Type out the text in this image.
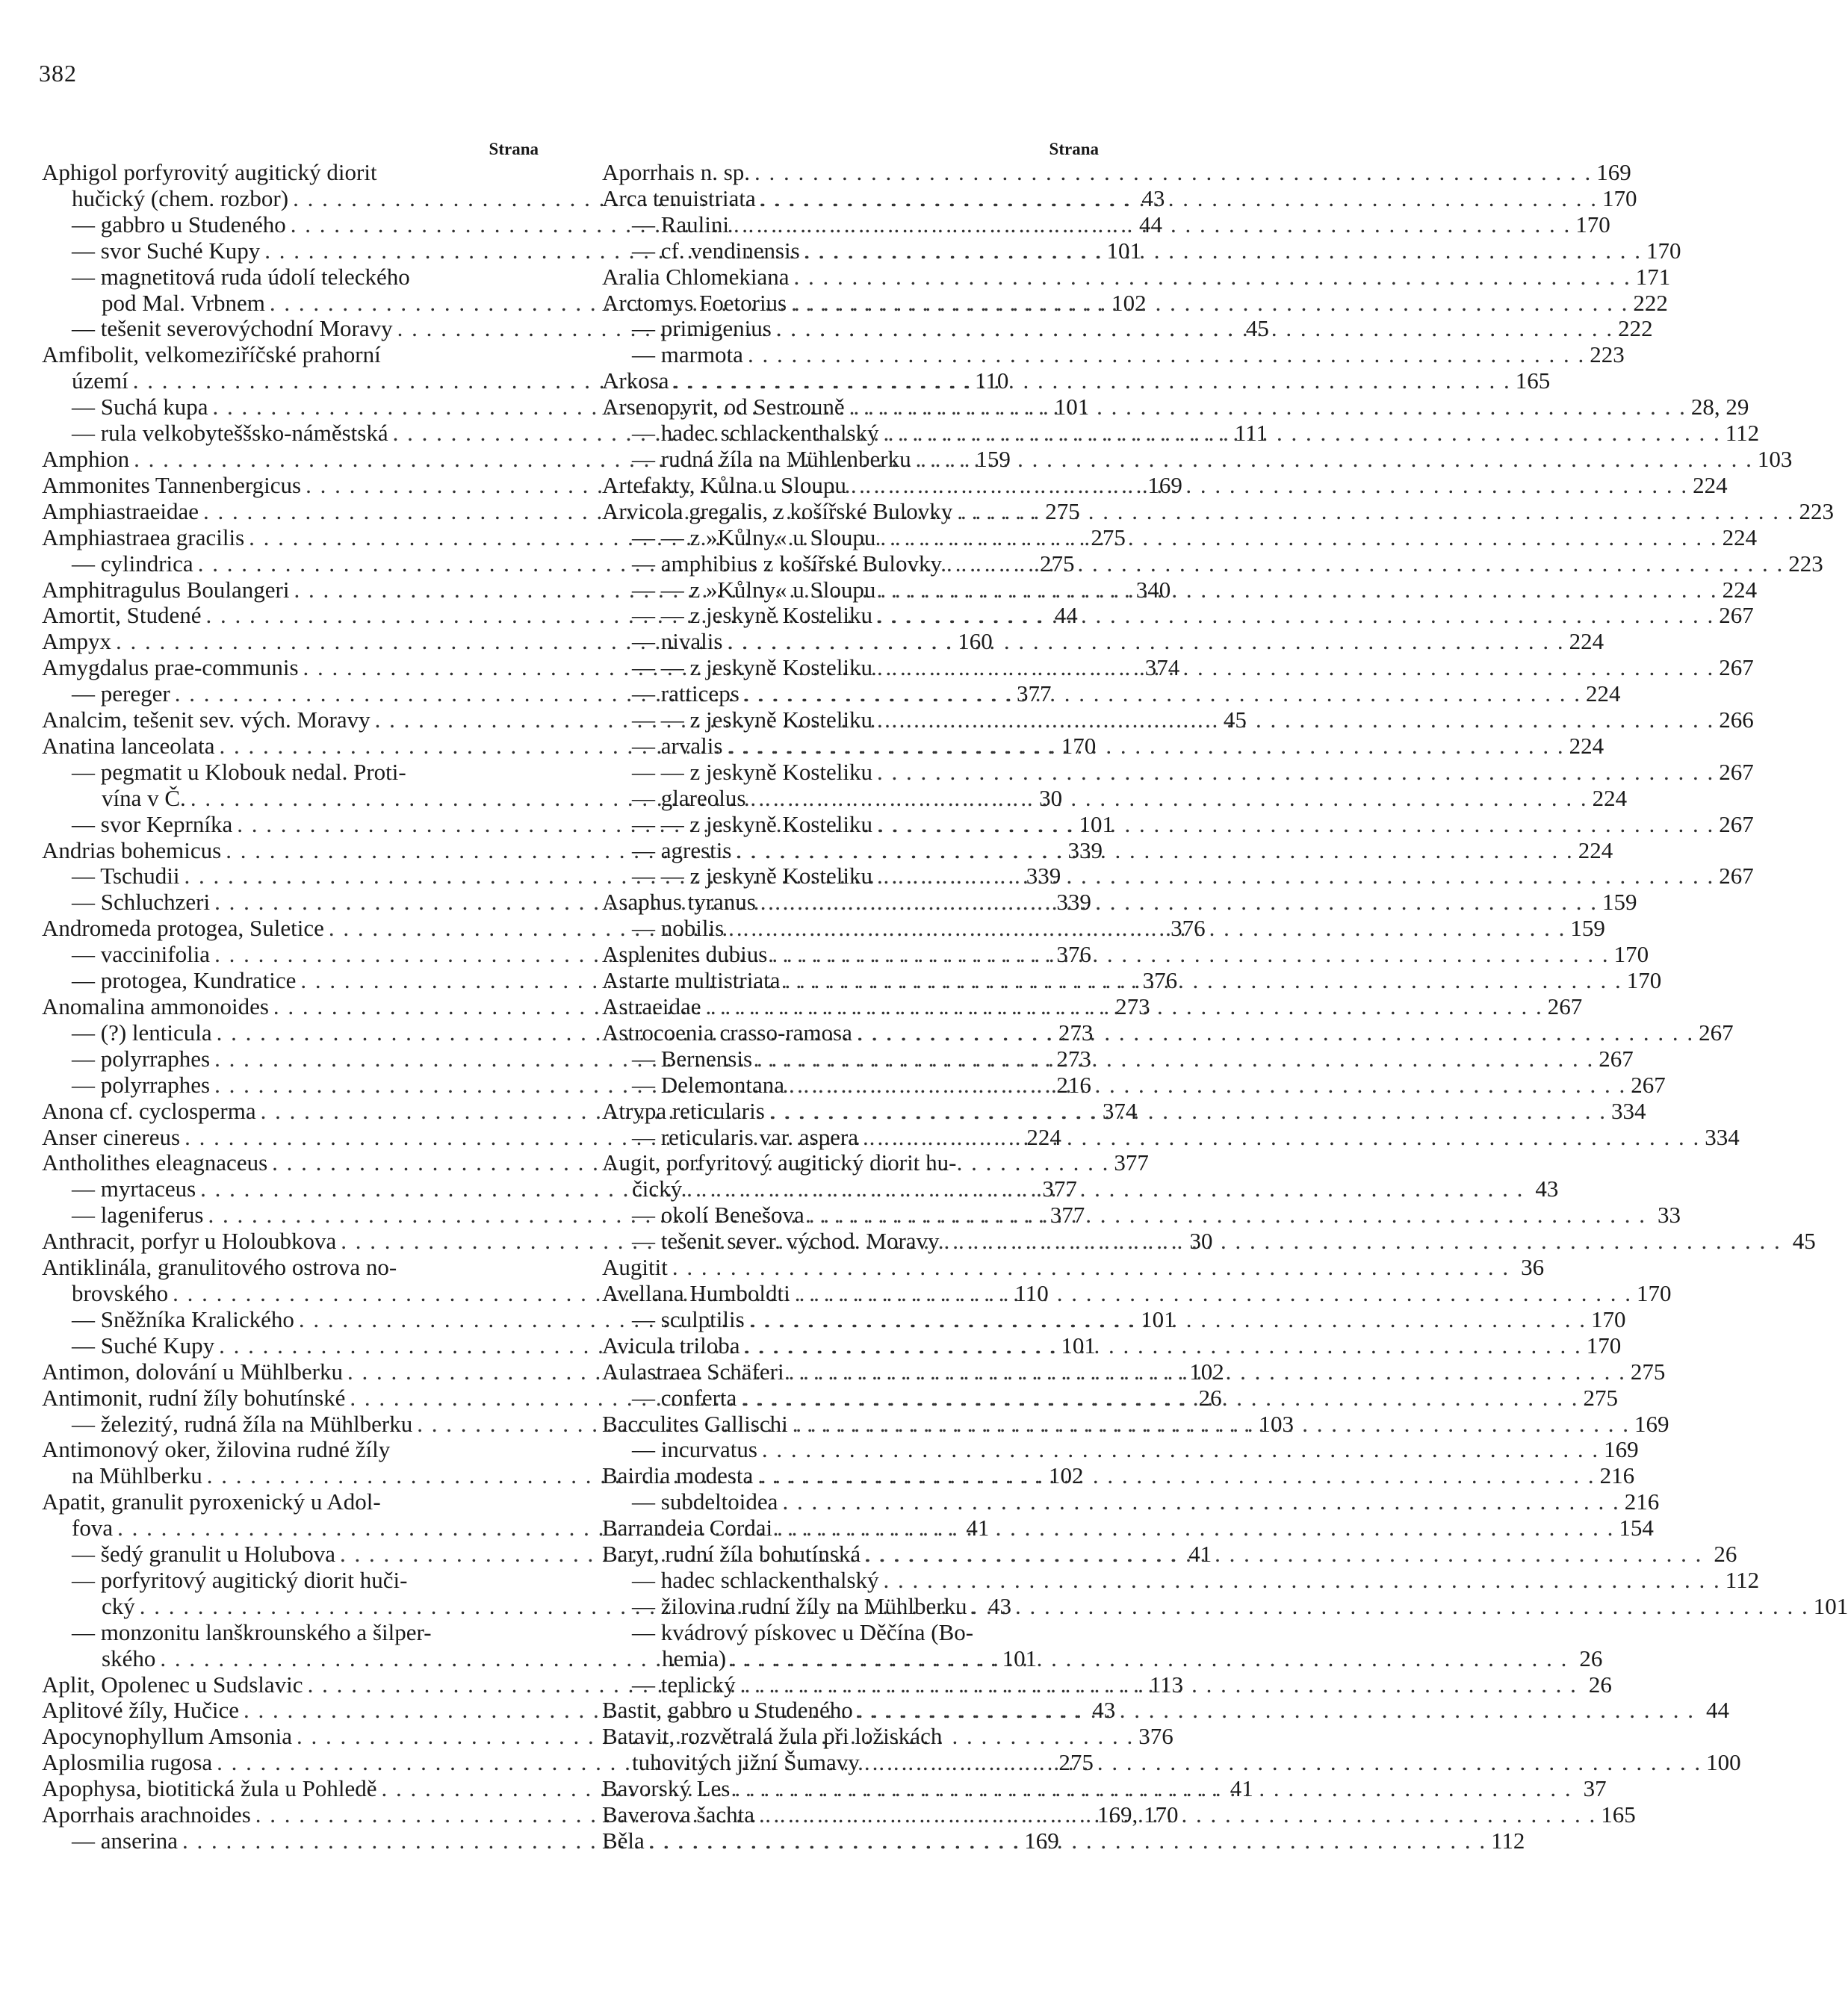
382
Strana
Aphigol porfyrovitý augitický diorit
hučický (chem. rozbor) . . .	43
— gabbro u Studeného . . .	44
— svor Suché Kupy . . .	101
— magnetitová ruda údolí teleckého
pod Mal. Vrbnem . . .	102
— tešenit severovýchodní Moravy . . .	45
Amfibolit, velkomeziříčské prahorní
území . . .	110
— Suchá kupa . . .	101
— rula velkobyteššsko-náměstská . . .	111
Amphion . . .	159
Ammonites Tannenbergicus . . .	169
Amphiastraeidae . . .	275
Amphiastraea gracilis . . .	275
— cylindrica . . .	275
Amphitragulus Boulangeri . . .	340
Amortit, Studené . . .	44
Ampyx . . .	160
Amygdalus prae-communis . . .	374
— pereger . . .	377
Analcim, tešenit sev. vých. Moravy . . .	45
Anatina lanceolata . . .	170
— pegmatit u Klobouk nedal. Proti-
vína v Č. . . .	30
— svor Keprníka . . .	101
Andrias bohemicus . . .	339
— Tschudii . . .	339
— Schluchzeri . . .	339
Andromeda protogea, Suletice . . .	376
— vaccinifolia . . .	376
— protogea, Kundratice . . .	376
Anomalina ammonoides . . .	273
— (?) lenticula . . .	273
— polyrraphes . . .	273
— polyrraphes . . .	216
Anona cf. cyclosperma . . .	374
Anser cinereus . . .	224
Antholithes eleagnaceus . . .	377
— myrtaceus . . .	377
— lageniferus . . .	377
Anthracit, porfyr u Holoubkova . . .	30
Antiklinála, granulitového ostrova no-
brovského . . .	110
— Sněžníka Kralického . . .	101
— Suché Kupy . . .	101
Antimon, dolování u Mühlberku . . .	102
Antimonit, rudní žíly bohutínské . . .	26
— železitý, rudná žíla na Mühlberku . . .	103
Antimonový oker, žilovina rudné žíly
na Mühlberku . . .	102
Apatit, granulit pyroxenický u Adol-
fova . . .	41
— šedý granulit u Holubova . . .	41
— porfyritový augitický diorit huči-
cký . . .	43
— monzonitu lanškrounského a šilper-
ského . . .	101
Aplit, Opolenec u Sudslavic . . .	113
Aplitové žíly, Hučice . . .	43
Apocynophyllum Amsonia . . .	376
Aplosmilia rugosa . . .	275
Apophysa, biotitická žula u Pohledě . . .	41
Aporrhais arachnoides . . .	169, 170
— anserina . . .	169
Strana
Aporrhais n. sp. . . .	169
Arca tenuistriata . . .	170
— Raulini . . .	170
— cf. vendinensis . . .	170
Aralia Chlomekiana . . .	171
Arctomys Foetorius . . .	222
— primigenius . . .	222
— marmota . . .	223
Arkosa . . .	165
Arsenopyrit, od Sestrouně . . .	28, 29
— hadec schlackenthalský . . .	112
— rudná žíla na Mühlenberku . . .	103
Artefakty, Kůlna u Sloupu . . .	224
Arvicola gregalis, z košířské Bulovky . . .	223
— — z »Kůlny« u Sloupu . . .	224
— amphibius z košířské Bulovky . . .	223
— — z »Kůlny« u Sloupu . . .	224
— — z jeskyně Kosteliku . . .	267
— nivalis . . .	224
— — z jeskyně Kosteliku . . .	267
— ratticeps . . .	224
— — z jeskyně Kosteliku . . .	266
— arvalis . . .	224
— — z jeskyně Kosteliku . . .	267
— glareolus . . .	224
— — z jeskyně Kosteliku . . .	267
— agrestis . . .	224
— — z jeskyně Kosteliku . . .	267
Asaphus tyranus . . .	159
— nobilis . . .	159
Asplenites dubius . . .	170
Astarte multistriata . . .	170
Astraeidae . . .	267
Astrocoenia crasso-ramosa . . .	267
— Bernensis . . .	267
— Delemontana . . .	267
Atrypa reticularis . . .	334
— reticularis var. aspera . . .	334
Augit, porfyritový augitický diorit hu-
čický . . .	43
— okolí Benešova . . .	33
— tešenit sever. východ. Moravy . . .	45
Augitit . . .	36
Avellana Humboldti . . .	170
— sculptilis . . .	170
Avicula triloba . . .	170
Aulastraea Schäferi . . .	275
— conferta . . .	275
Bacculites Gallischi . . .	169
— incurvatus . . .	169
Bairdia modesta . . .	216
— subdeltoidea . . .	216
Barrandeia Cordai . . .	154
Baryt, rudní žíla bohutínská . . .	26
— hadec schlackenthalský . . .	112
— žilovina rudní žíly na Mühlberku . . .	101
— kvádrový pískovec u Děčína (Bo-
hemia) . . .	26
— teplický . . .	26
Bastit, gabbro u Studeného . . .	44
Batavit, rozvětralá žula při ložiskách
tuhovitých jižní Šumavy . . .	100
Bavorský Les . . .	37
Baverova šachta . . .	165
Běla . . .	112
